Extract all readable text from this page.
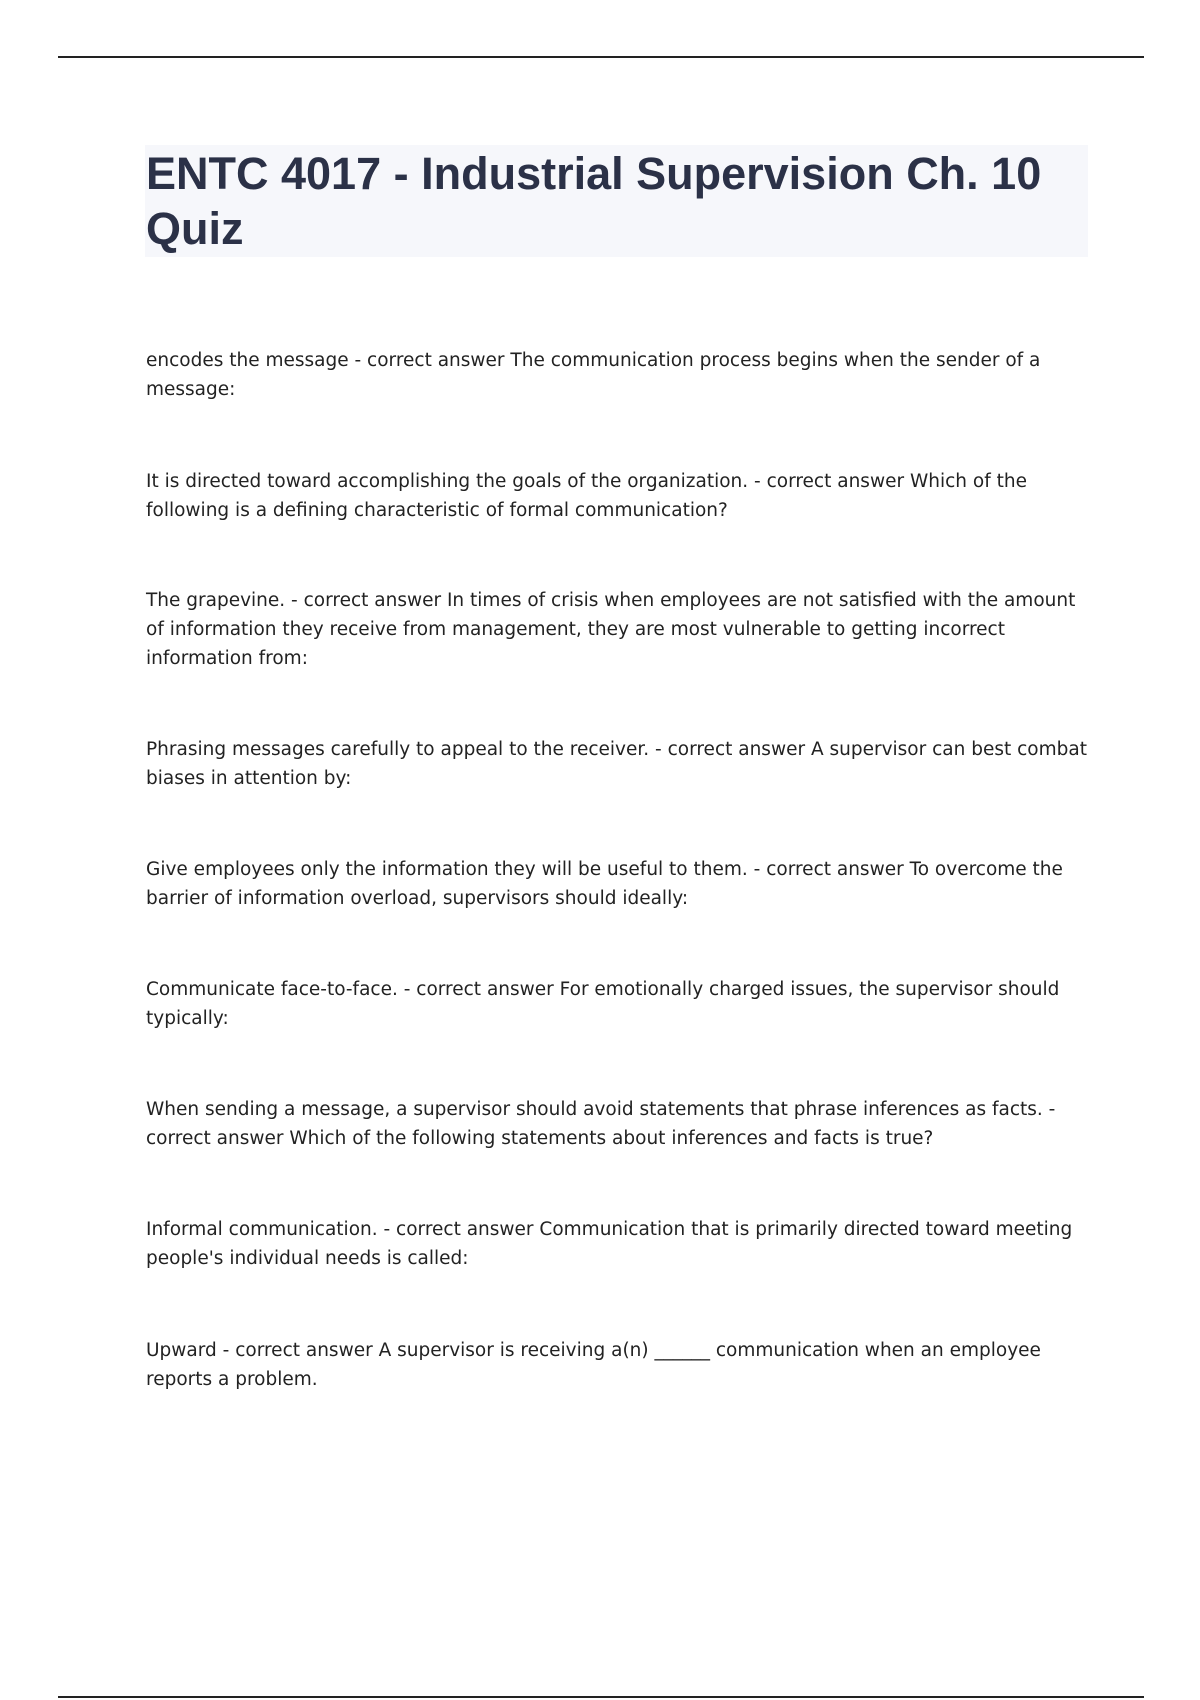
ENTC 4017 - Industrial Supervision Ch. 10 Quiz

encodes the message - correct answer The communication process begins when the sender of a message:

It is directed toward accomplishing the goals of the organization. - correct answer Which of the following is a defining characteristic of formal communication?

The grapevine. - correct answer In times of crisis when employees are not satisfied with the amount of information they receive from management, they are most vulnerable to getting incorrect information from:

Phrasing messages carefully to appeal to the receiver. - correct answer A supervisor can best combat biases in attention by:

Give employees only the information they will be useful to them. - correct answer To overcome the barrier of information overload, supervisors should ideally:

Communicate face-to-face. - correct answer For emotionally charged issues, the supervisor should typically:

When sending a message, a supervisor should avoid statements that phrase inferences as facts. - correct answer Which of the following statements about inferences and facts is true?

Informal communication. - correct answer Communication that is primarily directed toward meeting people's individual needs is called:

Upward - correct answer A supervisor is receiving a(n) ______ communication when an employee reports a problem.
